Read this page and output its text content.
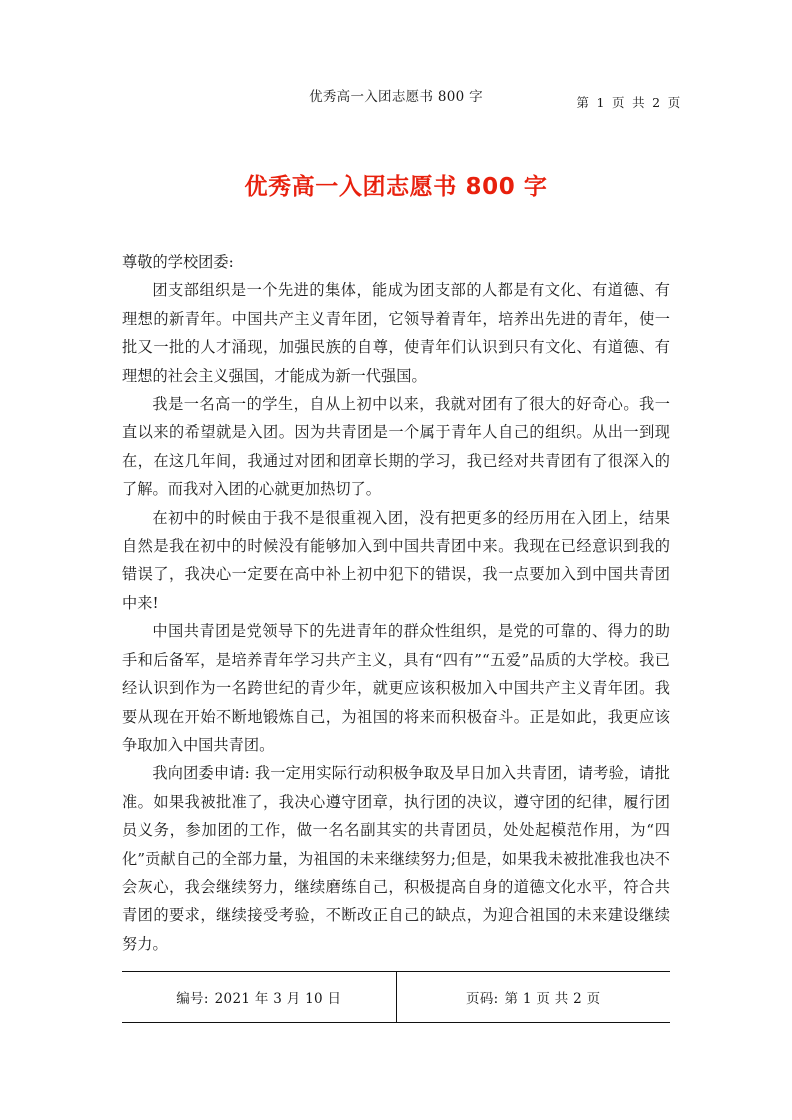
优秀高一入团志愿书 800 字	第 1 页 共 2 页
优秀高一入团志愿书 800 字

尊敬的学校团委:

团支部组织是一个先进的集体，能成为团支部的人都是有文化、有道德、有理想的新青年。中国共产主义青年团，它领导着青年，培养出先进的青年，使一批又一批的人才涌现，加强民族的自尊，使青年们认识到只有文化、有道德、有理想的社会主义强国，才能成为新一代强国。

我是一名高一的学生，自从上初中以来，我就对团有了很大的好奇心。我一直以来的希望就是入团。因为共青团是一个属于青年人自己的组织。从出一到现在，在这几年间，我通过对团和团章长期的学习，我已经对共青团有了很深入的了解。而我对入团的心就更加热切了。

在初中的时候由于我不是很重视入团，没有把更多的经历用在入团上，结果自然是我在初中的时候没有能够加入到中国共青团中来。我现在已经意识到我的错误了，我决心一定要在高中补上初中犯下的错误，我一点要加入到中国共青团中来!

中国共青团是党领导下的先进青年的群众性组织，是党的可靠的、得力的助手和后备军，是培养青年学习共产主义，具有“四有”“五爱”品质的大学校。我已经认识到作为一名跨世纪的青少年，就更应该积极加入中国共产主义青年团。我要从现在开始不断地锻炼自己，为祖国的将来而积极奋斗。正是如此，我更应该争取加入中国共青团。

我向团委申请: 我一定用实际行动积极争取及早日加入共青团，请考验，请批准。如果我被批准了，我决心遵守团章，执行团的决议，遵守团的纪律，履行团员义务，参加团的工作，做一名名副其实的共青团员，处处起模范作用，为“四化”贡献自己的全部力量，为祖国的未来继续努力;但是，如果我未被批准我也决不会灰心，我会继续努力，继续磨练自己，积极提高自身的道德文化水平，符合共青团的要求，继续接受考验，不断改正自己的缺点，为迎合祖国的未来建设继续努力。

编号: 2021 年 3 月 10 日	页码: 第 1 页 共 2 页
